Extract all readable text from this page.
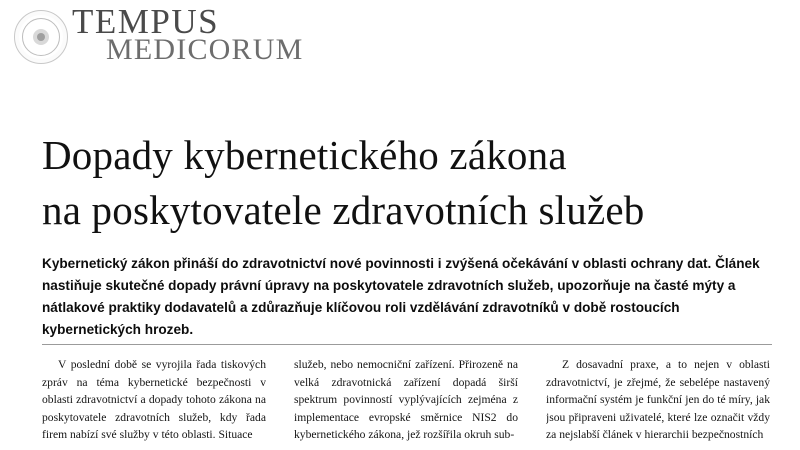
TEMPUS
MEDICORUM
Dopady kybernetického zákona
na poskytovatele zdravotních služeb
Kybernetický zákon přináší do zdravotnictví nové povinnosti i zvýšená očekávání v oblasti ochrany dat. Článek nastiňuje skutečné dopady právní úpravy na poskytovatele zdravotních služeb, upozorňuje na časté mýty a nátlakové praktiky dodavatelů a zdůrazňuje klíčovou roli vzdělávání zdravotníků v době rostoucích kybernetických hrozeb.

V poslední době se vyrojila řada tiskových zpráv na téma kybernetické bezpečnosti v oblasti zdravotnictví a dopady tohoto zákona na poskytovatele zdravotních služeb, kdy řada firem nabízí své služby v této oblasti. Situace

služeb, nebo nemocniční zařízení. Přirozeně na velká zdravotnická zařízení dopadá širší spektrum povinností vyplývajících zejména z implementace evropské směrnice NIS2 do kybernetického zákona, jež rozšířila okruh sub-

Z dosavadní praxe, a to nejen v oblasti zdravotnictví, je zřejmé, že sebelépe nastavený informační systém je funkční jen do té míry, jak jsou připraveni uživatelé, které lze označit vždy za nejslabší článek v hierarchii bezpečnostních
